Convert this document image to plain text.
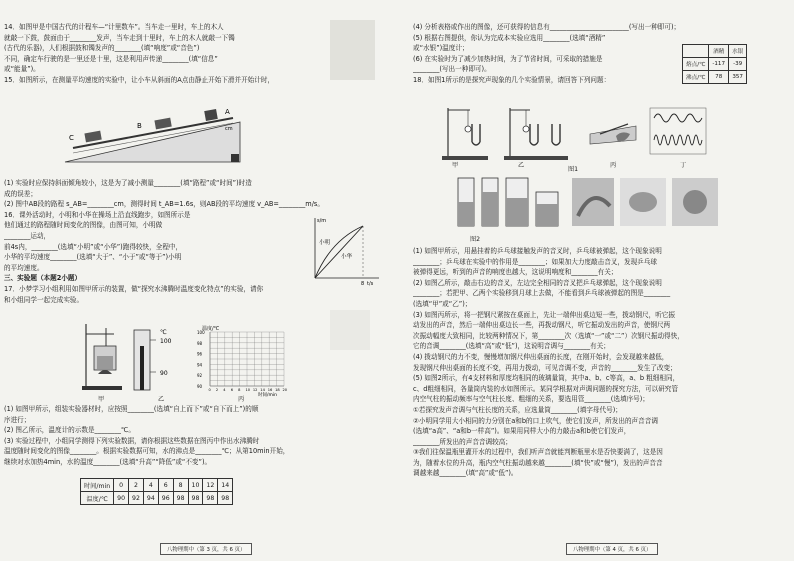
14．如图甲是中国古代的计程车—“计里数车”。当车走一里时，车上的木人

就敲一下鼓，鼓面由于________发声，当车走到十里时，车上的木人就敲一下镯

(古代的乐器)，人们根据鼓和镯发声的________(填“响度”或“音色”)

不同，确定车行驶的是一里还是十里，这是利用声传递________(填“信息”

或“能量”)。

15．如图所示，在测量平均速度的实验中，让小车从斜面的A点由静止开始下滑并开始计时，

C
B
A
cm

(1) 实验时应保持斜面倾角较小，这是为了减小测量________(填“路程”或“时间”)时造

成的误差；

(2) 图中AB段的路程 s_AB=________cm，测得时间 t_AB=1.6s，则AB段的平均速度 v_AB=________m/s。

16．课外活动时，小明和小华在操场上沿直线跑步，如图所示是

他们通过的路程随时间变化的图像，由图可知，小明做

________运动，

前4s内，________(选填“小明”或“小华”)跑得较快，全程中，

小华的平均速度________(选填“大于”、“小于”或“等于”)小明

的平均速度。

三、实验题（本题2小题）

17．小梦学习小组利用如图甲所示的装置，做“探究水沸腾时温度变化特点”的实验，请你

和小组同学一起完成实验。

s/m
t/s
8
小明
小华
℃
100
90
温度/℃
时间/min
100
98
96
94
92
90
0 2 4 6 8 10 12 14 16 18 20
甲	乙	丙

(1) 如图甲所示，组装实验器材时，应按照________(选填“自上而下”或“自下而上”)的顺

序进行；

(2) 图乙所示，温度计的示数是________℃。

(3) 实验过程中，小组同学测得下列实验数据，请你根据这些数据在图丙中作出水沸腾时

温度随时间变化的图像________。根据实验数据可知，水的沸点是________℃；从第10min开始，

继续对水加热4min，水的温度________(选填“升高”“降低”或“不变”)。

时间/min	0	2	4	6	8	10	12	14
温度/℃	90	92	94	96	98	98	98	98
八物理期中（第 3 页，共 6 页）

(4) 分析表格或作出的图像，还可获得的信息有________________________(写出一种即可)；

(5) 根据右图提供，你认为完成本实验应选用________(选填“酒精”

或“水银”)温度计；

(6) 在实验时为了减少加热时间，为了节省时间，可采取的措施是

________(写出一种即可)。

18．如图1所示的是探究声现象的几个实验情景，请回答下列问题：

	酒精	水银
熔点/℃	-117	-39
沸点/℃	78	357
甲	乙	丙	丁
图1
图2

(1) 如图甲所示，用悬挂着的乒乓球接触发声的音叉时，乒乓球被弹起，这个现象说明

________；乒乓球在实验中的作用是________；如果加大力度敲击音叉，发现乒乓球

被弹得更远，听到的声音的响度也越大，这说明响度和________有关；

(2) 如图乙所示，敲击右边的音叉，左边完全相同的音叉把乒乓球弹起，这个现象说明

________；若把甲、乙两个实验移到月球上去做，不能看到乒乓球被弹起的图是________

(选填“甲”或“乙”)；

(3) 如图丙所示，将一把钢尺紧按在桌面上，先让一端伸出桌边短一些，拨动钢尺，听它振

动发出的声音，然后一端伸出桌边长一些，再拨动钢尺，听它振动发出的声音，使钢尺两

次振动幅度大致相同，比较两种情况下，第________次（选填“一”或“二”）次钢尺振动得快，

它的音调________(选填“高”或“低”)，这说明音调与________有关；

(4) 拨动钢尺的力不变，慢慢增加钢尺伸出桌面的长度，在刚开始时，会发现越来越低，

发现钢尺伸出桌面的长度不变，再用力拨动，可见音调不变，声音的________发生了改变；

(5) 如图2所示，有4支材料和厚度均相同的玻璃量筒，其中a、b、c等高，a、b 粗细相同，

c、d粗细相同，各量筒内装的水如图所示。某同学根据对声调问题的探究方法，可以研究管

内空气柱的振动频率与空气柱长度、粗细的关系，要选用管________(选填序号)；

①若探究发声音调与气柱长度的关系，应选量筒________(填字母代号)；

②小明同学用大小相同的力分别在a和b的口上吹气，使它们发声，所发出的声音音调

(选填“a高”、“a和b一样高”)。如果用同样大小的力敲击a和b使它们发声，

________所发出的声音音调较高；

③我们往保温瓶里灌开水的过程中，我们听声音就能判断瓶里水是否快要满了，这是因

为，随着水位的升高，瓶内空气柱振动越来越________(填“快”或“慢”)，发出的声音音

调越来越________(填“高”或“低”)。

八物理期中（第 4 页，共 6 页）
